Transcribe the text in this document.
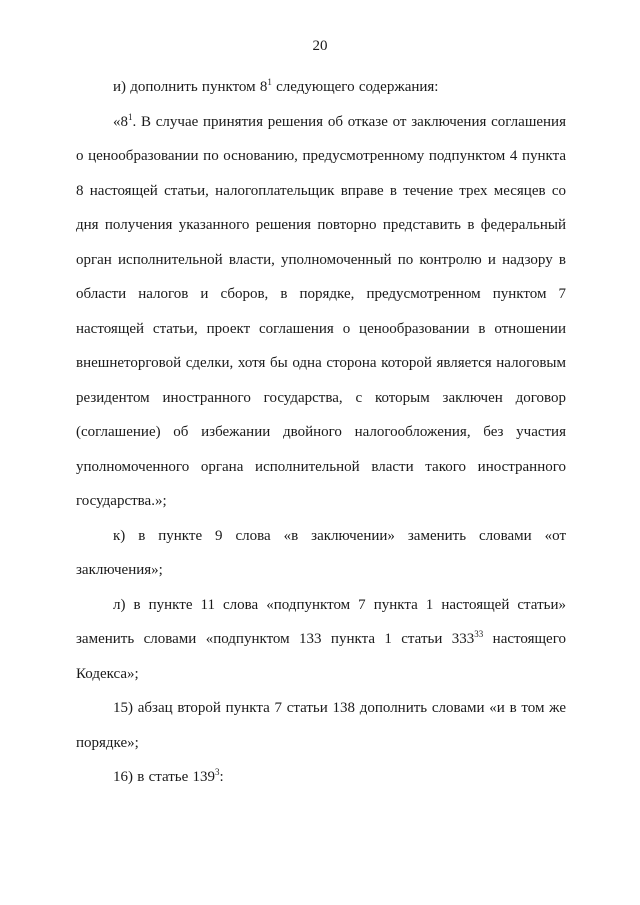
20

и) дополнить пунктом $8^1$ следующего содержания:

«$8^1$. В случае принятия решения об отказе от заключения соглашения о ценообразовании по основанию, предусмотренному подпунктом 4 пункта 8 настоящей статьи, налогоплательщик вправе в течение трех месяцев со дня получения указанного решения повторно представить в федеральный орган исполнительной власти, уполномоченный по контролю и надзору в области налогов и сборов, в порядке, предусмотренном пунктом 7 настоящей статьи, проект соглашения о ценообразовании в отношении внешнеторговой сделки, хотя бы одна сторона которой является налоговым резидентом иностранного государства, с которым заключен договор (соглашение) об избежании двойного налогообложения, без участия уполномоченного органа исполнительной власти такого иностранного государства.»;

к) в пункте 9 слова «в заключении» заменить словами «от заключения»;

л) в пункте 11 слова «подпунктом 7 пункта 1 настоящей статьи» заменить словами «подпунктом 133 пункта 1 статьи $333^{33}$ настоящего Кодекса»;

15) абзац второй пункта 7 статьи 138 дополнить словами «и в том же порядке»;

16) в статье $139^3$:
